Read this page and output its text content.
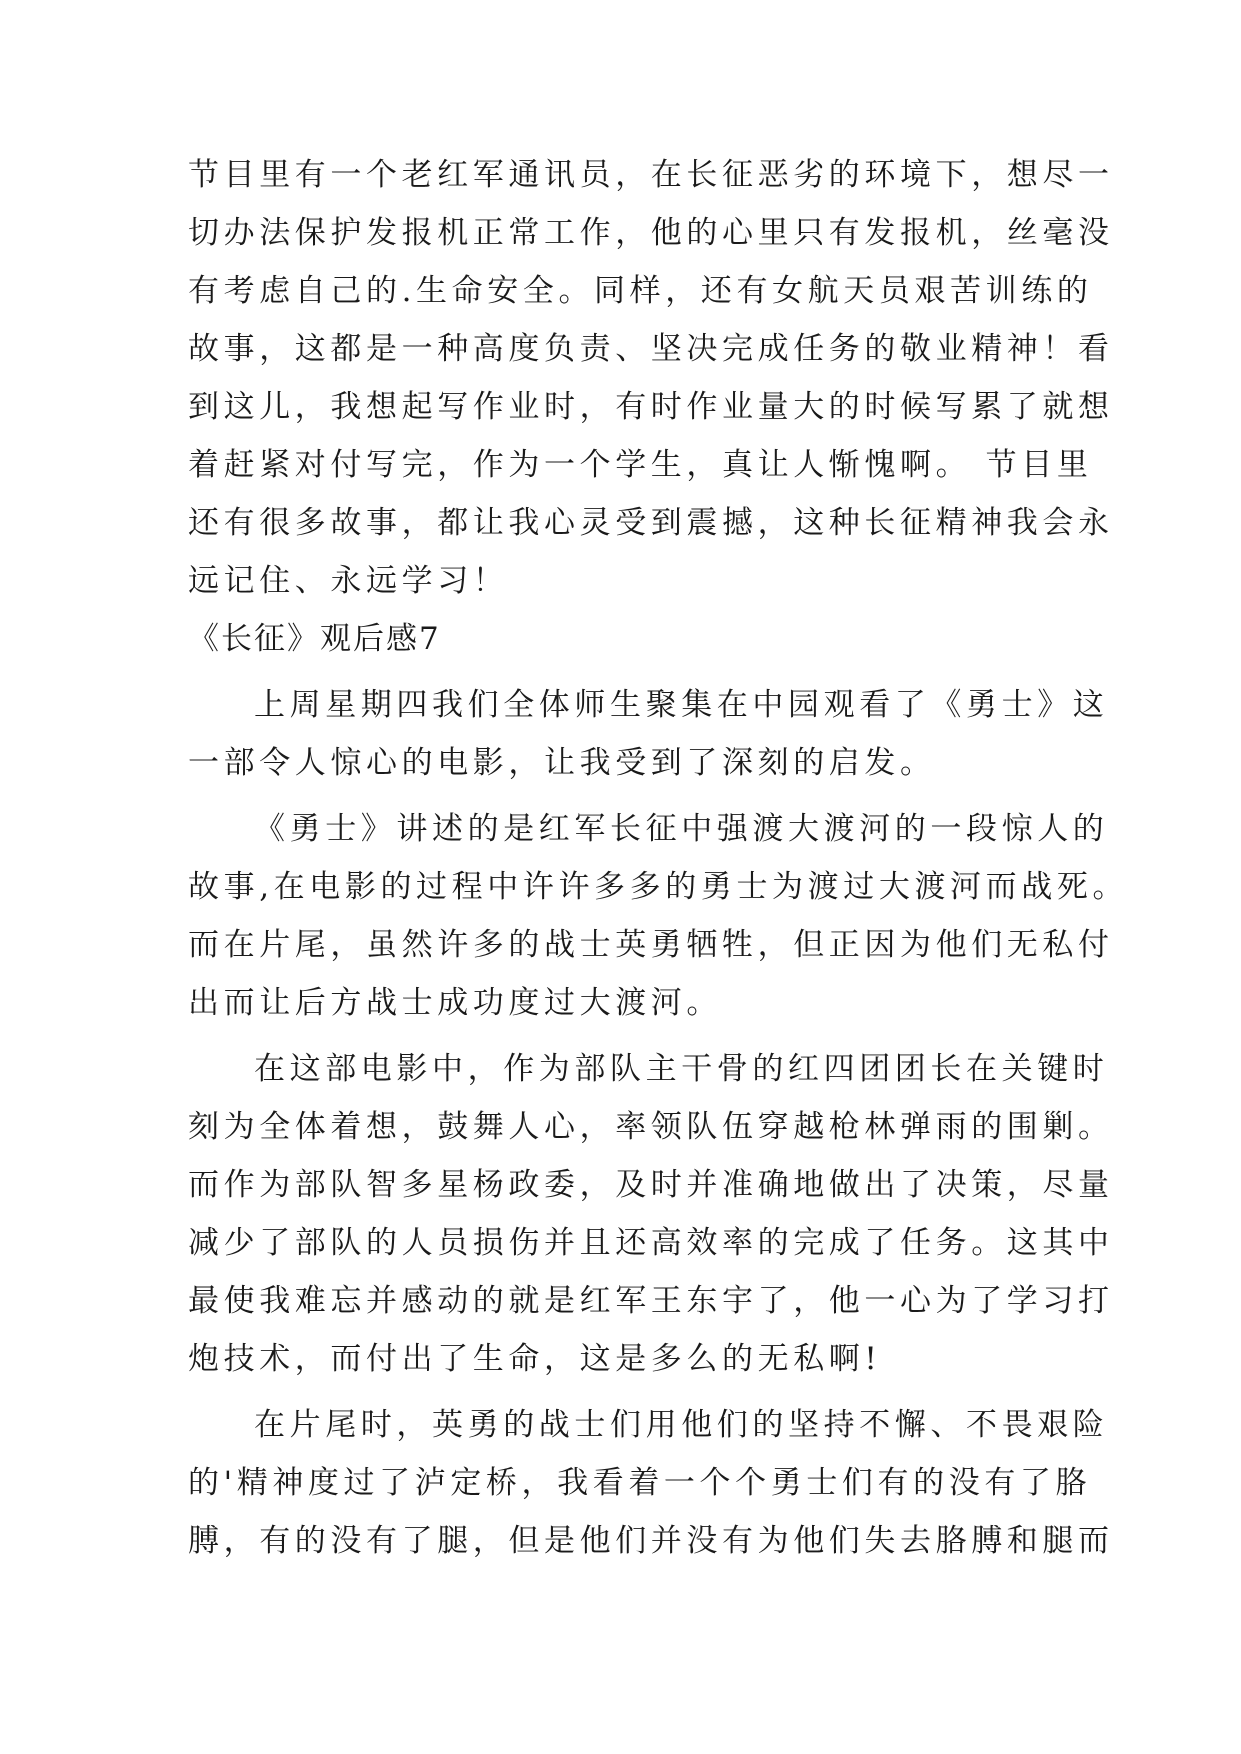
节目里有一个老红军通讯员，在长征恶劣的环境下，想尽一
切办法保护发报机正常工作，他的心里只有发报机，丝毫没
有考虑自己的.生命安全。同样，还有女航天员艰苦训练的
故事，这都是一种高度负责、坚决完成任务的敬业精神！看
到这儿，我想起写作业时，有时作业量大的时候写累了就想
着赶紧对付写完，作为一个学生，真让人惭愧啊。 节目里
还有很多故事，都让我心灵受到震撼，这种长征精神我会永
远记住、永远学习！
《长征》观后感7
上周星期四我们全体师生聚集在中园观看了《勇士》这
一部令人惊心的电影，让我受到了深刻的启发。
《勇士》讲述的是红军长征中强渡大渡河的一段惊人的
故事,在电影的过程中许许多多的勇士为渡过大渡河而战死。
而在片尾，虽然许多的战士英勇牺牲，但正因为他们无私付
出而让后方战士成功度过大渡河。
在这部电影中，作为部队主干骨的红四团团长在关键时
刻为全体着想，鼓舞人心，率领队伍穿越枪林弹雨的围剿。
而作为部队智多星杨政委，及时并准确地做出了决策，尽量
减少了部队的人员损伤并且还高效率的完成了任务。这其中
最使我难忘并感动的就是红军王东宇了，他一心为了学习打
炮技术，而付出了生命，这是多么的无私啊!
在片尾时，英勇的战士们用他们的坚持不懈、不畏艰险
的'精神度过了泸定桥，我看着一个个勇士们有的没有了胳
膊，有的没有了腿，但是他们并没有为他们失去胳膊和腿而
